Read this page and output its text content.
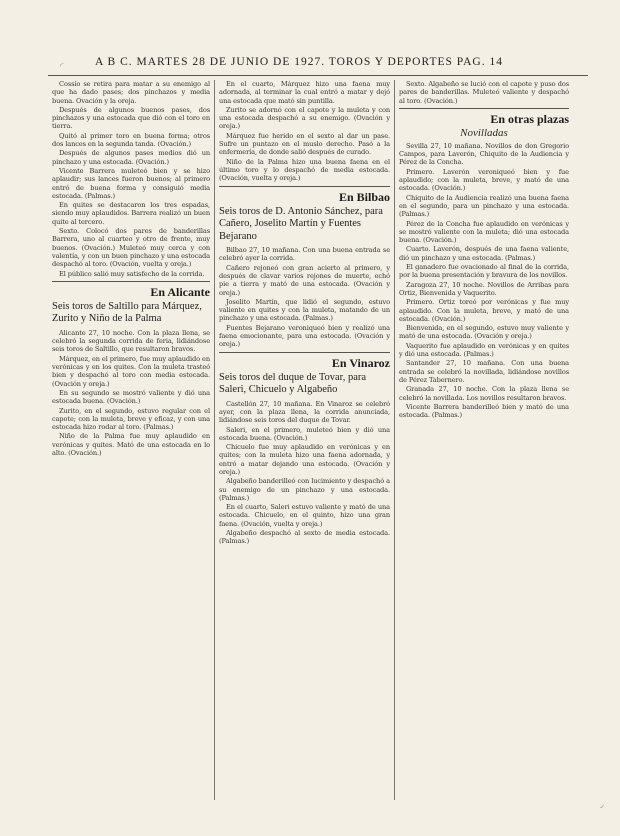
A B C. MARTES 28 DE JUNIO DE 1927. TOROS Y DEPORTES PAG. 14

Cossío se retira para matar a su enemigo al que ha dado pases; dos pinchazos y media buena. Ovación y la oreja.

Después de algunos buenos pases, dos pinchazos y una estocada que dió con el toro en tierra.

Quitó al primer toro en buena forma; otros dos lances en la segunda tanda. (Ovación.)

Después de algunos pases medios dió un pinchazo y una estocada. (Ovación.)

Vicente Barrera muleteó bien y se hizo aplaudir; sus lances fueron buenos; al primero entró de buena forma y consiguió media estocada. (Palmas.)

En quites se destacaron los tres espadas, siendo muy aplaudidos. Barrera realizó un buen quite al tercero.

Sexto. Colocó dos pares de banderillas Barrera, uno al cuarteo y otro de frente, muy buenos. (Ovación.) Muleteó muy cerca y con valentía, y con un buen pinchazo y una estocada despachó al toro. (Ovación, vuelta y oreja.)

El público salió muy satisfecho de la corrida.

En Alicante
Seis toros de Saltillo para Márquez, Zurito y Niño de la Palma

Alicante 27, 10 noche. Con la plaza llena, se celebró la segunda corrida de feria, lidiándose seis toros de Saltillo, que resultaron bravos.

Márquez, en el primero, fue muy aplaudido en verónicas y en los quites. Con la muleta trasteó bien y despachó al toro con media estocada. (Ovación y oreja.)

En su segundo se mostró valiente y dió una estocada buena. (Ovación.)

Zurito, en el segundo, estuvo regular con el capote; con la muleta, breve y eficaz, y con una estocada hizo rodar al toro. (Palmas.)

Niño de la Palma fue muy aplaudido en verónicas y quites. Mató de una estocada en lo alto. (Ovación.)

En el cuarto, Márquez hizo una faena muy adornada, al terminar la cual entró a matar y dejó una estocada que mató sin puntilla.

Zurito se adornó con el capote y la muleta y con una estocada despachó a su enemigo. (Ovación y oreja.)

Márquez fue herido en el sexto al dar un pase. Sufre un puntazo en el muslo derecho. Pasó a la enfermería, de donde salió después de curado.

Niño de la Palma hizo una buena faena en el último toro y lo despachó de media estocada. (Ovación, vuelta y oreja.)

En Bilbao
Seis toros de D. Antonio Sánchez, para Cañero, Joselito Martín y Fuentes Bejarano

Bilbao 27, 10 mañana. Con una buena entrada se celebró ayer la corrida.

Cañero rejoneó con gran acierto al primero, y después de clavar varios rejones de muerte, echó pie a tierra y mató de una estocada. (Ovación y oreja.)

Joselito Martín, que lidió el segundo, estuvo valiente en quites y con la muleta, matando de un pinchazo y una estocada. (Palmas.)

Fuentes Bejarano veroniqueó bien y realizó una faena emocionante, para una estocada. (Ovación y oreja.)

En Vinaroz
Seis toros del duque de Tovar, para Saleri, Chicuelo y Algabeño

Castellón 27, 10 mañana. En Vinaroz se celebró ayer, con la plaza llena, la corrida anunciada, lidiándose seis toros del duque de Tovar.

Saleri, en el primero, muleteó bien y dió una estocada buena. (Ovación.)

Chicuelo fue muy aplaudido en verónicas y en quites; con la muleta hizo una faena adornada, y entró a matar dejando una estocada. (Ovación y oreja.)

Algabeño banderilleó con lucimiento y despachó a su enemigo de un pinchazo y una estocada. (Palmas.)

En el cuarto, Saleri estuvo valiente y mató de una estocada. Chicuelo, en el quinto, hizo una gran faena. (Ovación, vuelta y oreja.)

Algabeño despachó al sexto de media estocada. (Palmas.)

Sexto. Algabeño se lució con el capote y puso dos pares de banderillas. Muleteó valiente y despachó al toro. (Ovación.)

En otras plazas
Novilladas

Sevilla 27, 10 mañana. Novillos de don Gregorio Campos, para Laverón, Chiquito de la Audiencia y Pérez de la Concha.

Primero. Laverón veroniqueó bien y fue aplaudido; con la muleta, breve, y mató de una estocada. (Ovación.)

Chiquito de la Audiencia realizó una buena faena en el segundo, para un pinchazo y una estocada. (Palmas.)

Pérez de la Concha fue aplaudido en verónicas y se mostró valiente con la muleta; dió una estocada buena. (Ovación.)

Cuarto. Laverón, después de una faena valiente, dió un pinchazo y una estocada. (Palmas.)

El ganadero fue ovacionado al final de la corrida, por la buena presentación y bravura de los novillos.

Zaragoza 27, 10 noche. Novillos de Arribas para Ortiz, Bienvenida y Vaquerito.

Primero. Ortiz toreó por verónicas y fue muy aplaudido. Con la muleta, breve, y mató de una estocada. (Ovación.)

Bienvenida, en el segundo, estuvo muy valiente y mató de una estocada. (Ovación y oreja.)

Vaquerito fue aplaudido en verónicas y en quites y dió una estocada. (Palmas.)

Santander 27, 10 mañana. Con una buena entrada se celebró la novillada, lidiándose novillos de Pérez Tabernero.

Granada 27, 10 noche. Con la plaza llena se celebró la novillada. Los novillos resultaron bravos.

Vicente Barrera banderilleó bien y mató de una estocada. (Palmas.)

◜
◞
